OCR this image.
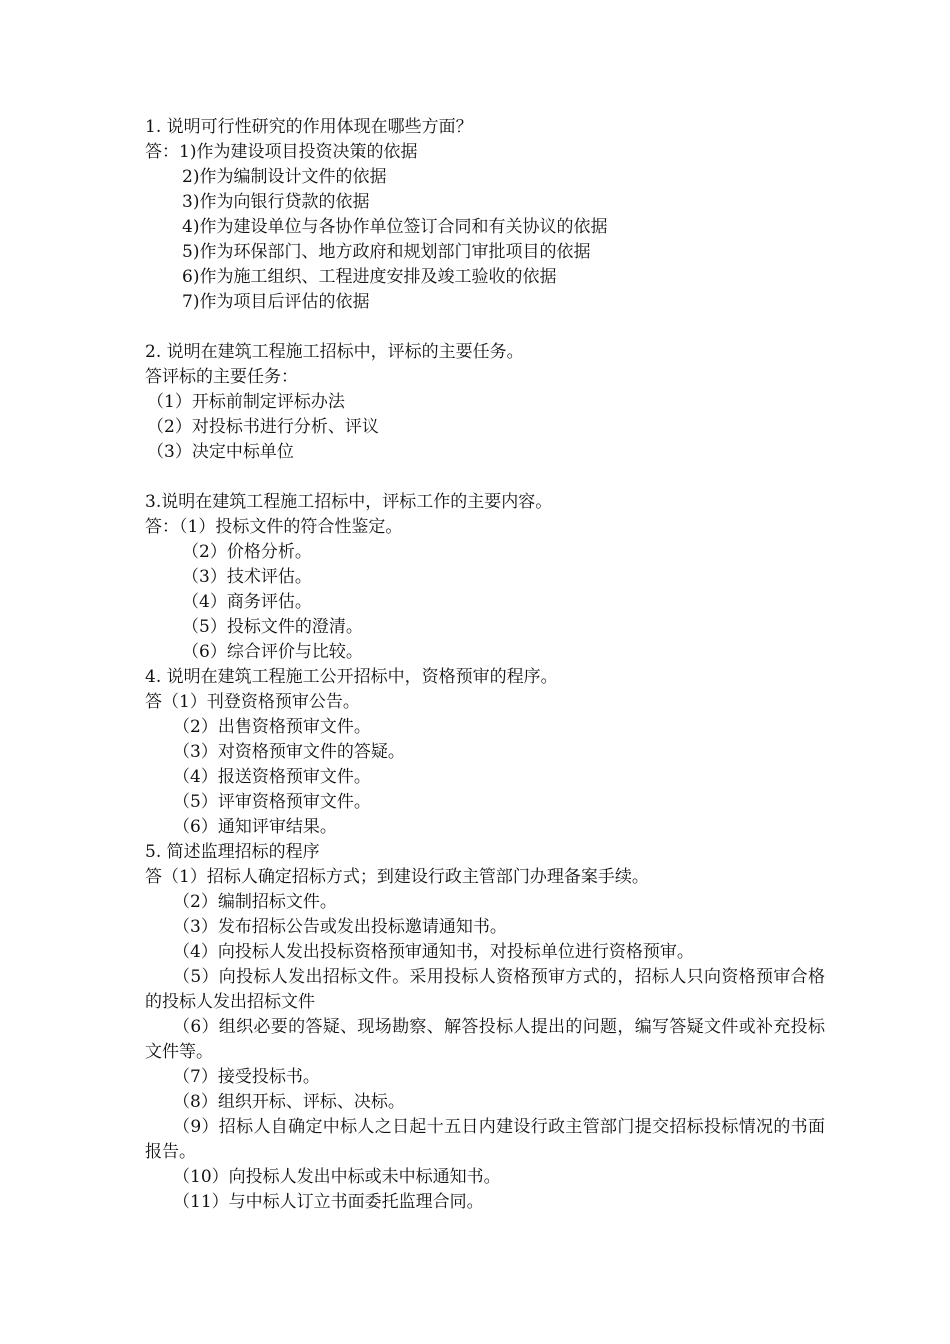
1. 说明可行性研究的作用体现在哪些方面？

答：1)作为建设项目投资决策的依据

2)作为编制设计文件的依据

3)作为向银行贷款的依据

4)作为建设单位与各协作单位签订合同和有关协议的依据

5)作为环保部门、地方政府和规划部门审批项目的依据

6)作为施工组织、工程进度安排及竣工验收的依据

7)作为项目后评估的依据

2. 说明在建筑工程施工招标中，评标的主要任务。

答评标的主要任务：

（1）开标前制定评标办法

（2）对投标书进行分析、评议

（3）决定中标单位

3.说明在建筑工程施工招标中，评标工作的主要内容。

答：（1）投标文件的符合性鉴定。

（2）价格分析。

（3）技术评估。

（4）商务评估。

（5）投标文件的澄清。

（6）综合评价与比较。

4. 说明在建筑工程施工公开招标中，资格预审的程序。

答（1）刊登资格预审公告。

（2）出售资格预审文件。

（3）对资格预审文件的答疑。

（4）报送资格预审文件。

（5）评审资格预审文件。

（6）通知评审结果。

5. 简述监理招标的程序

答（1）招标人确定招标方式；到建设行政主管部门办理备案手续。

（2）编制招标文件。

（3）发布招标公告或发出投标邀请通知书。

（4）向投标人发出投标资格预审通知书，对投标单位进行资格预审。

（5）向投标人发出招标文件。采用投标人资格预审方式的，招标人只向资格预审合格的投标人发出招标文件

（6）组织必要的答疑、现场勘察、解答投标人提出的问题，编写答疑文件或补充投标文件等。

（7）接受投标书。

（8）组织开标、评标、决标。

（9）招标人自确定中标人之日起十五日内建设行政主管部门提交招标投标情况的书面报告。

（10）向投标人发出中标或未中标通知书。

（11）与中标人订立书面委托监理合同。
